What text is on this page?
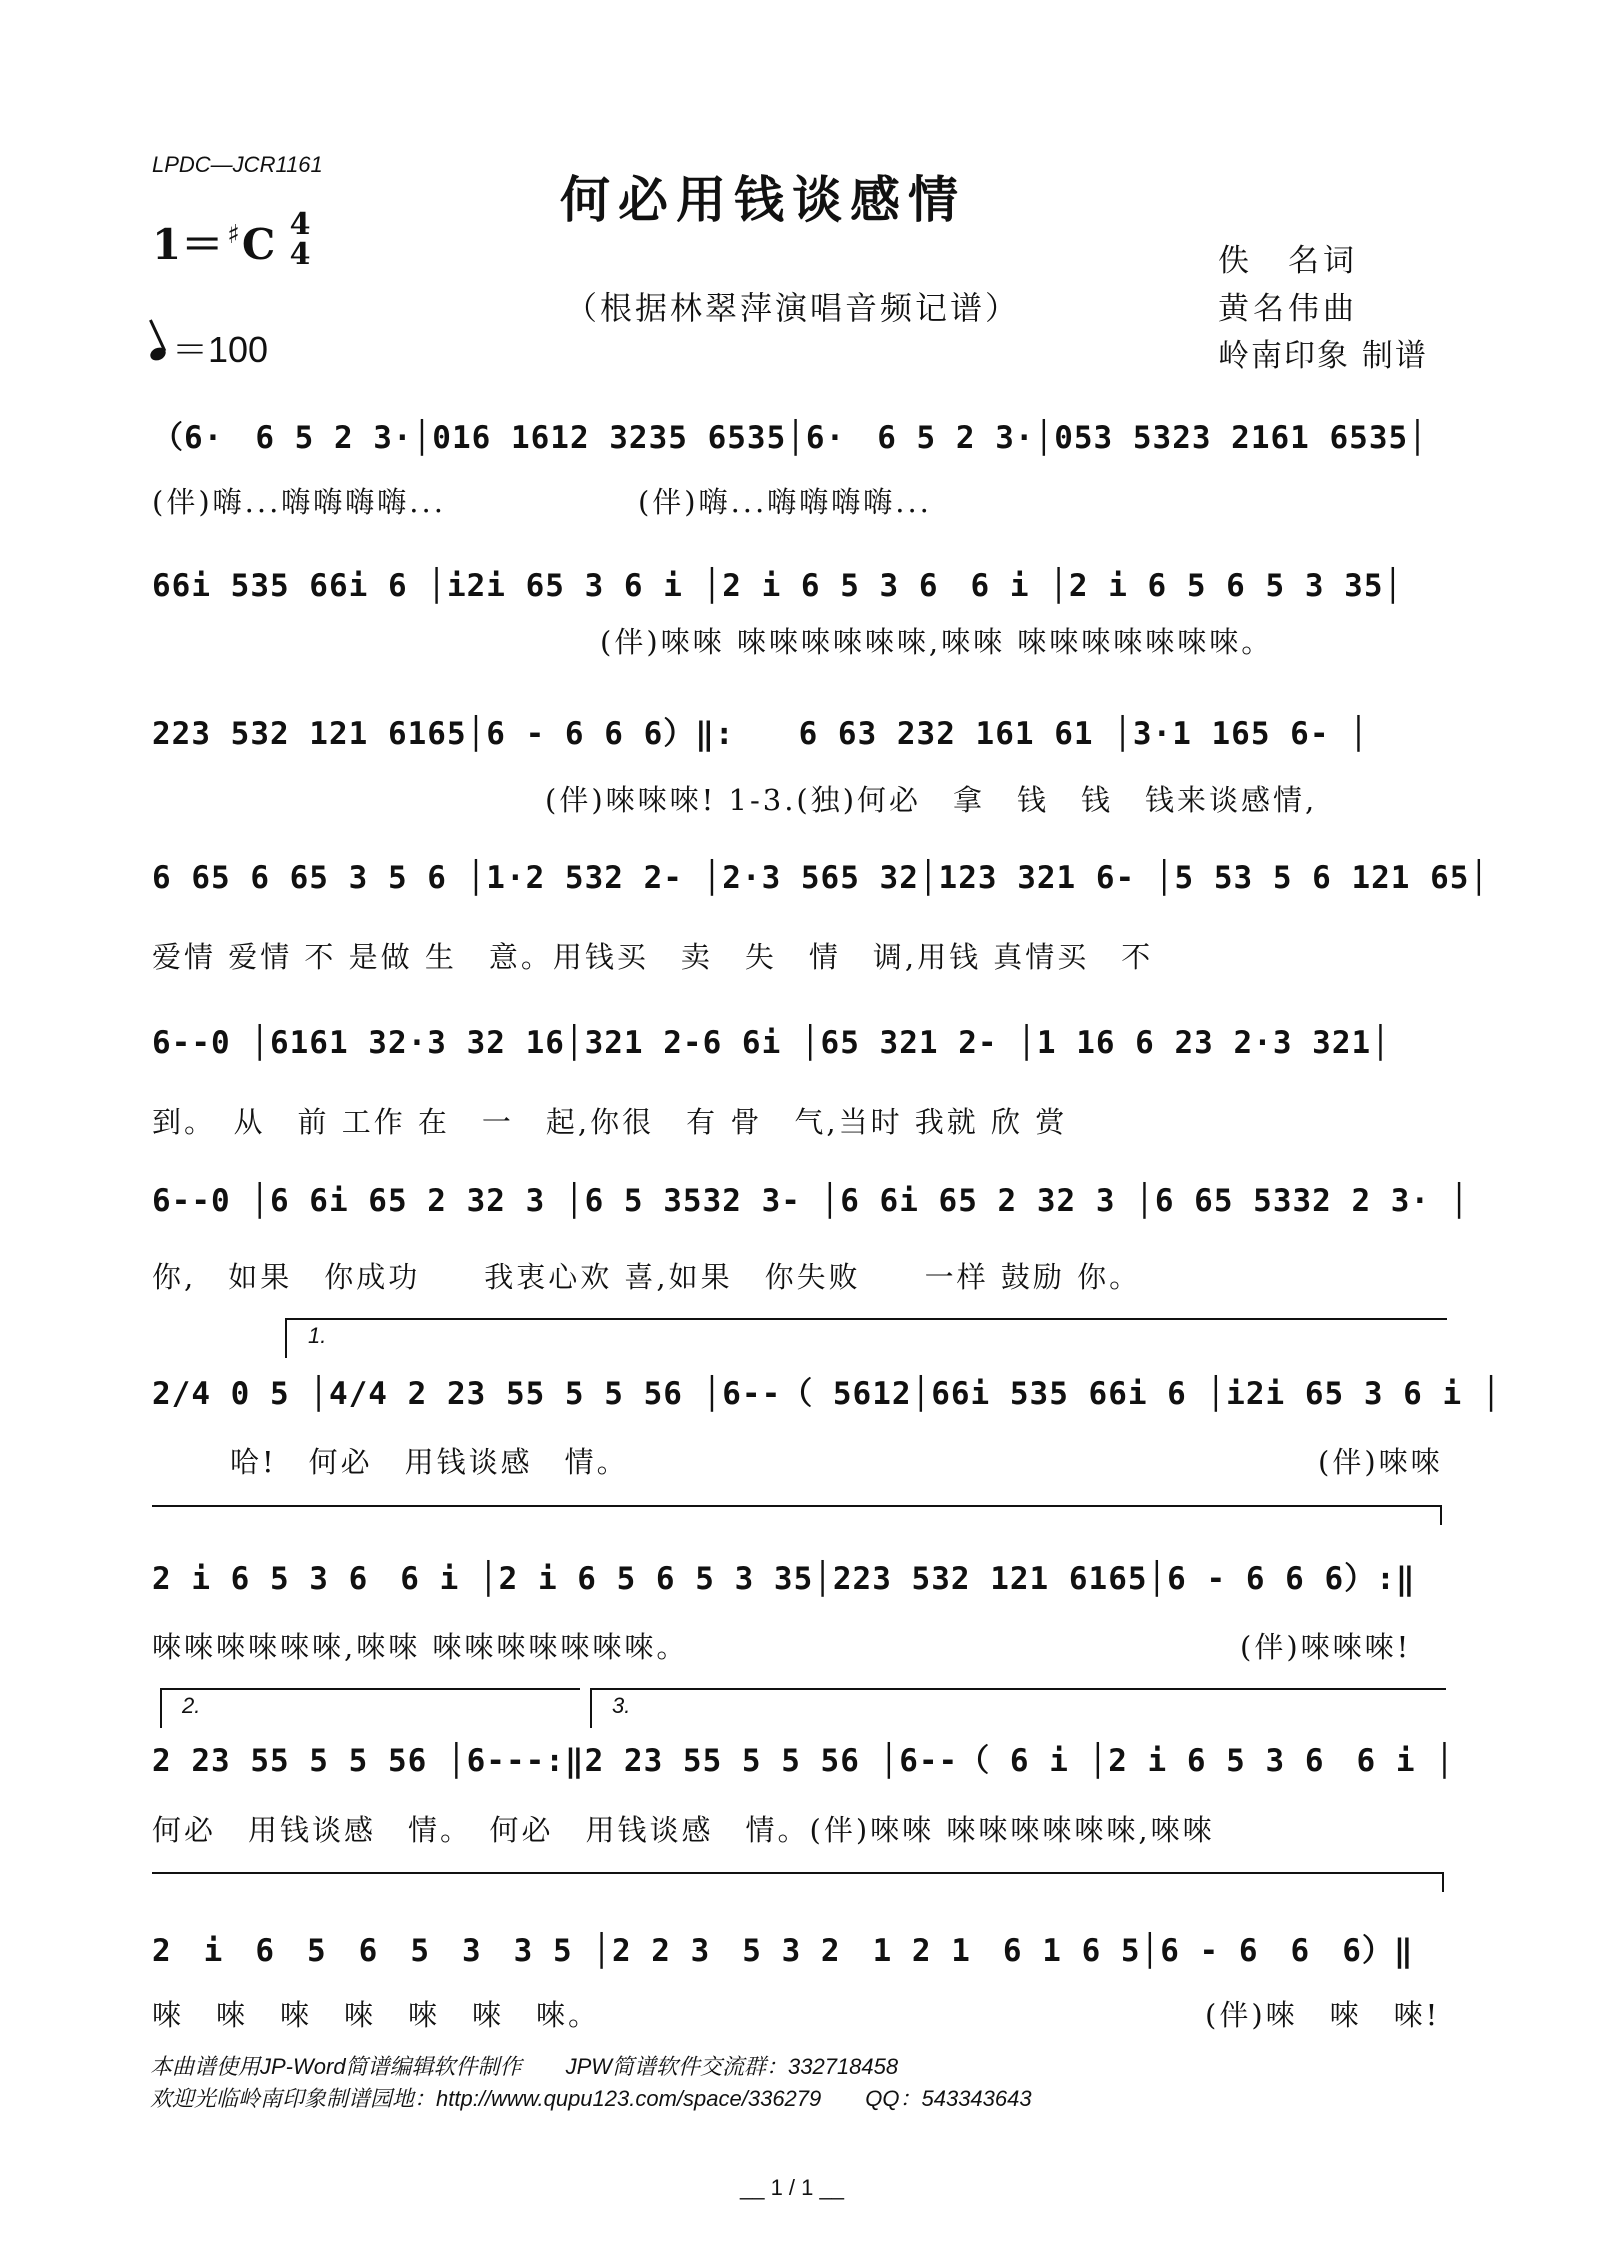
LPDC—JCR1161
何必用钱谈感情
（根据林翠萍演唱音频记谱）
1＝ ♯C 4
4
＝100
佚　名词
黄名伟曲
岭南印象 制谱
（6·　6 5 2 3·│016 1612 3235 6535│6·　6 5 2 3·│053 5323 2161 6535│
(伴)嗨...嗨嗨嗨嗨...　　　　　　(伴)嗨...嗨嗨嗨嗨...
66i 535 66i 6 │i2i 65 3 6 i │2 i 6 5 3 6　6 i │2 i 6 5 6 5 3 35│
(伴)唻唻 唻唻唻唻唻唻,唻唻 唻唻唻唻唻唻唻。
223 532 121 6165│6 - 6 6 6）‖:　　6 63 232 161 61 │3·1 165 6- │
(伴)唻唻唻! 1-3.(独)何必　拿　钱　钱　钱来谈感情,
6 65 6 65 3 5 6 │1·2 532 2- │2·3 565 32│123 321 6- │5 53 5 6 121 65│
爱情 爱情 不 是做 生　意。用钱买　卖　失　情　调,用钱 真情买　不
6--0 │6161 32·3 32 16│321 2-6 6i │65 321 2- │1 16 6 23 2·3 321│
到。　从　前 工作 在　一　起,你很　有 骨　气,当时 我就 欣 赏
6--0 │6 6i 65 2 32 3 │6 5 3532 3- │6 6i 65 2 32 3 │6 65 5332 2 3· │
你,　如果　你成功　　我衷心欢 喜,如果　你失败　　一样 鼓励 你。
1.
2/4 0 5 │4/4 2 23 55 5 5 56 │6--（ 5612│66i 535 66i 6 │i2i 65 3 6 i │
哈!　何必　用钱谈感　情。	(伴)唻唻
2 i 6 5 3 6　6 i │2 i 6 5 6 5 3 35│223 532 121 6165│6 - 6 6 6）:‖
唻唻唻唻唻唻,唻唻 唻唻唻唻唻唻唻。	(伴)唻唻唻!
2.	3.
2 23 55 5 5 56 │6---:‖2 23 55 5 5 56 │6--（ 6 i │2 i 6 5 3 6　6 i │
何必　用钱谈感　情。　何必　用钱谈感　情。(伴)唻唻 唻唻唻唻唻唻,唻唻
2　i　6　5　6　5　3　3 5 │2 2 3　5 3 2　1 2 1　6 1 6 5│6 - 6　6　6）‖
唻　唻　唻　唻　唻　唻　唻。	(伴)唻　唻　唻!
本曲谱使用JP-Word简谱编辑软件制作　　JPW简谱软件交流群：332718458
欢迎光临岭南印象制谱园地：http://www.qupu123.com/space/336279　　QQ：543343643
__ 1 / 1 __
